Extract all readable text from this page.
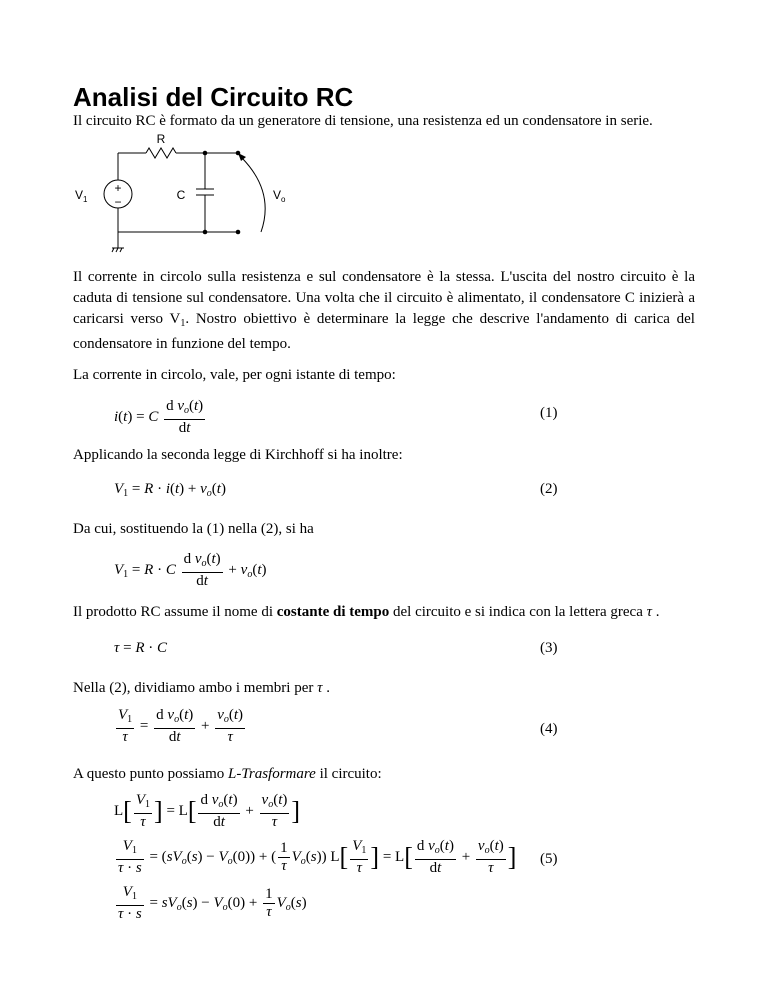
Analisi del Circuito RC
Il circuito RC è formato da un generatore di tensione, una resistenza ed un condensatore in serie.
+
−
R
C
$V_1$	$V_o$
Il corrente in circolo sulla resistenza e sul condensatore è la stessa. L'uscita del nostro circuito è la caduta di tensione sul condensatore. Una volta che il circuito è alimentato, il condensatore C inizierà a caricarsi verso $V_1$. Nostro obiettivo è determinare la legge che descrive l'andamento di carica del condensatore in funzione del tempo.
La corrente in circolo, vale, per ogni istante di tempo:
i(t) = C $\frac{d v_o(t)}{dt}$	(1)
Applicando la seconda legge di Kirchhoff si ha inoltre:
$V_1 = R \cdot i(t) + v_o(t)$	(2)
Da cui, sostituendo la (1) nella (2), si ha
$V_1 = R \cdot C \frac{d v_o(t)}{dt} + v_o(t)$
Il prodotto RC assume il nome di costante di tempo del circuito e si indica con la lettera greca τ .
τ = R · C	(3)
Nella (2), dividiamo ambo i membri per τ .
$\frac{V_1}{\tau} = \frac{d v_o(t)}{dt} + \frac{v_o(t)}{\tau}$	(4)
A questo punto possiamo L-Trasformare il circuito:
$L[ \frac{V_1}{\tau}$ ] = $L[ \frac{d v_o(t)}{dt} + \frac{v_o(t)}{\tau}$ ]
$\frac{V_1}{\tau \cdot s} = (sV_o(s) - V_o(0))$ + ( $\frac{1}{\tau} V_o(s)$) $L[ \frac{V_1}{\tau}$ ] = $L[ \frac{d v_o(t)}{dt} + \frac{v_o(t)}{\tau}$ ] (5)
$\frac{V_1}{\tau \cdot s} = sV_o(s) - V_o(0) + \frac{1}{\tau} V_o(s)$
